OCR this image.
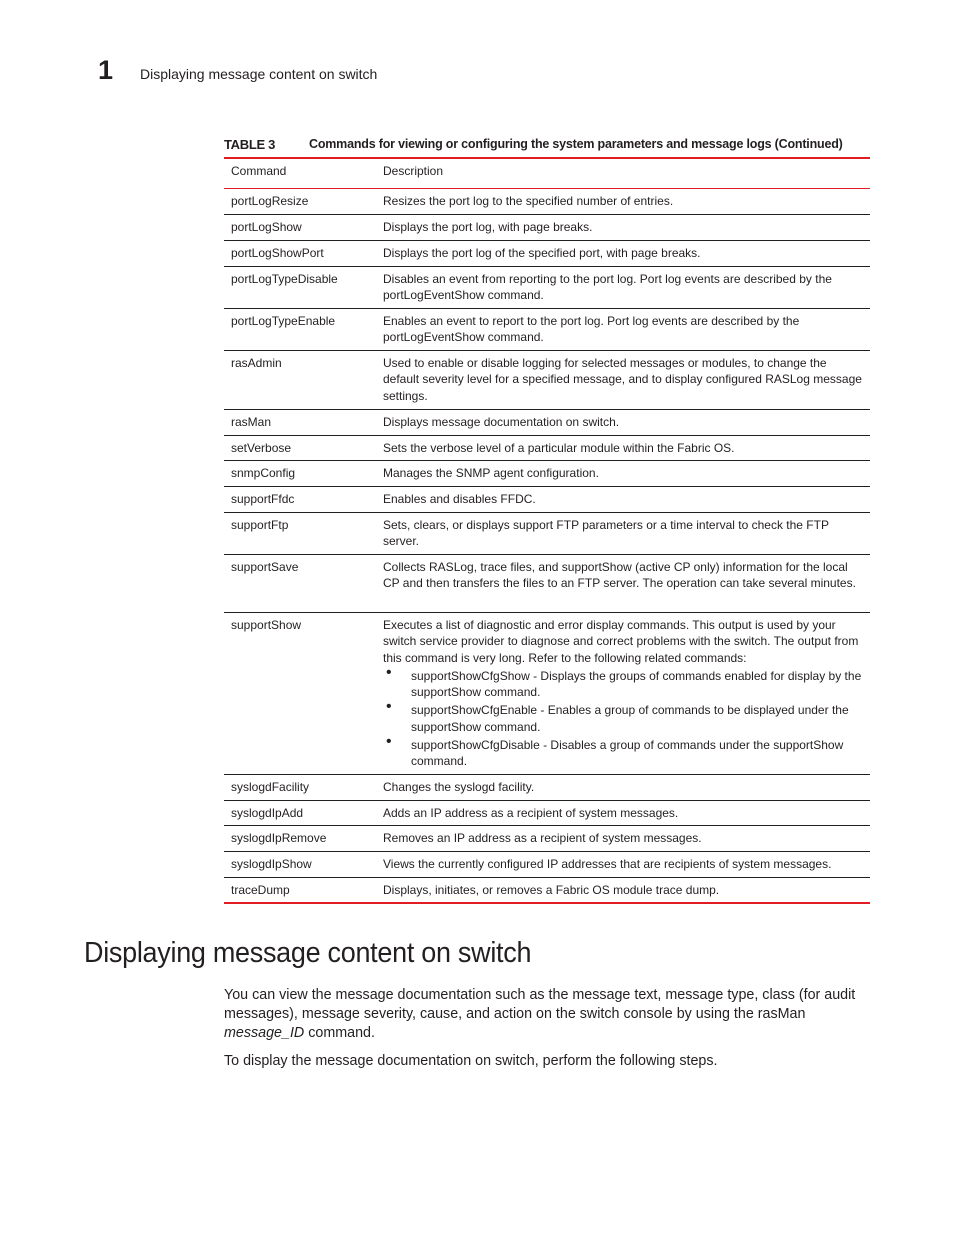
1 Displaying message content on switch
TABLE 3	Commands for viewing or configuring the system parameters and message logs (Continued)
Command	Description
portLogResize	Resizes the port log to the specified number of entries.
portLogShow	Displays the port log, with page breaks.
portLogShowPort	Displays the port log of the specified port, with page breaks.
portLogTypeDisable	Disables an event from reporting to the port log. Port log events are described by the portLogEventShow command.
portLogTypeEnable	Enables an event to report to the port log. Port log events are described by the portLogEventShow command.
rasAdmin	Used to enable or disable logging for selected messages or modules, to change the default severity level for a specified message, and to display configured RASLog message settings.
rasMan	Displays message documentation on switch.
setVerbose	Sets the verbose level of a particular module within the Fabric OS.
snmpConfig	Manages the SNMP agent configuration.
supportFfdc	Enables and disables FFDC.
supportFtp	Sets, clears, or displays support FTP parameters or a time interval to check the FTP server.
supportSave	Collects RASLog, trace files, and supportShow (active CP only) information for the local CP and then transfers the files to an FTP server. The operation can take several minutes.
supportShow	Executes a list of diagnostic and error display commands. This output is used by your switch service provider to diagnose and correct problems with the switch. The output from this command is very long. Refer to the following related commands:
• supportShowCfgShow - Displays the groups of commands enabled for display by the supportShow command.
• supportShowCfgEnable - Enables a group of commands to be displayed under the supportShow command.
• supportShowCfgDisable - Disables a group of commands under the supportShow command.
syslogdFacility	Changes the syslogd facility.
syslogdIpAdd	Adds an IP address as a recipient of system messages.
syslogdIpRemove	Removes an IP address as a recipient of system messages.
syslogdIpShow	Views the currently configured IP addresses that are recipients of system messages.
traceDump	Displays, initiates, or removes a Fabric OS module trace dump.
Displaying message content on switch

You can view the message documentation such as the message text, message type, class (for audit messages), message severity, cause, and action on the switch console by using the rasMan message_ID command.

To display the message documentation on switch, perform the following steps.
